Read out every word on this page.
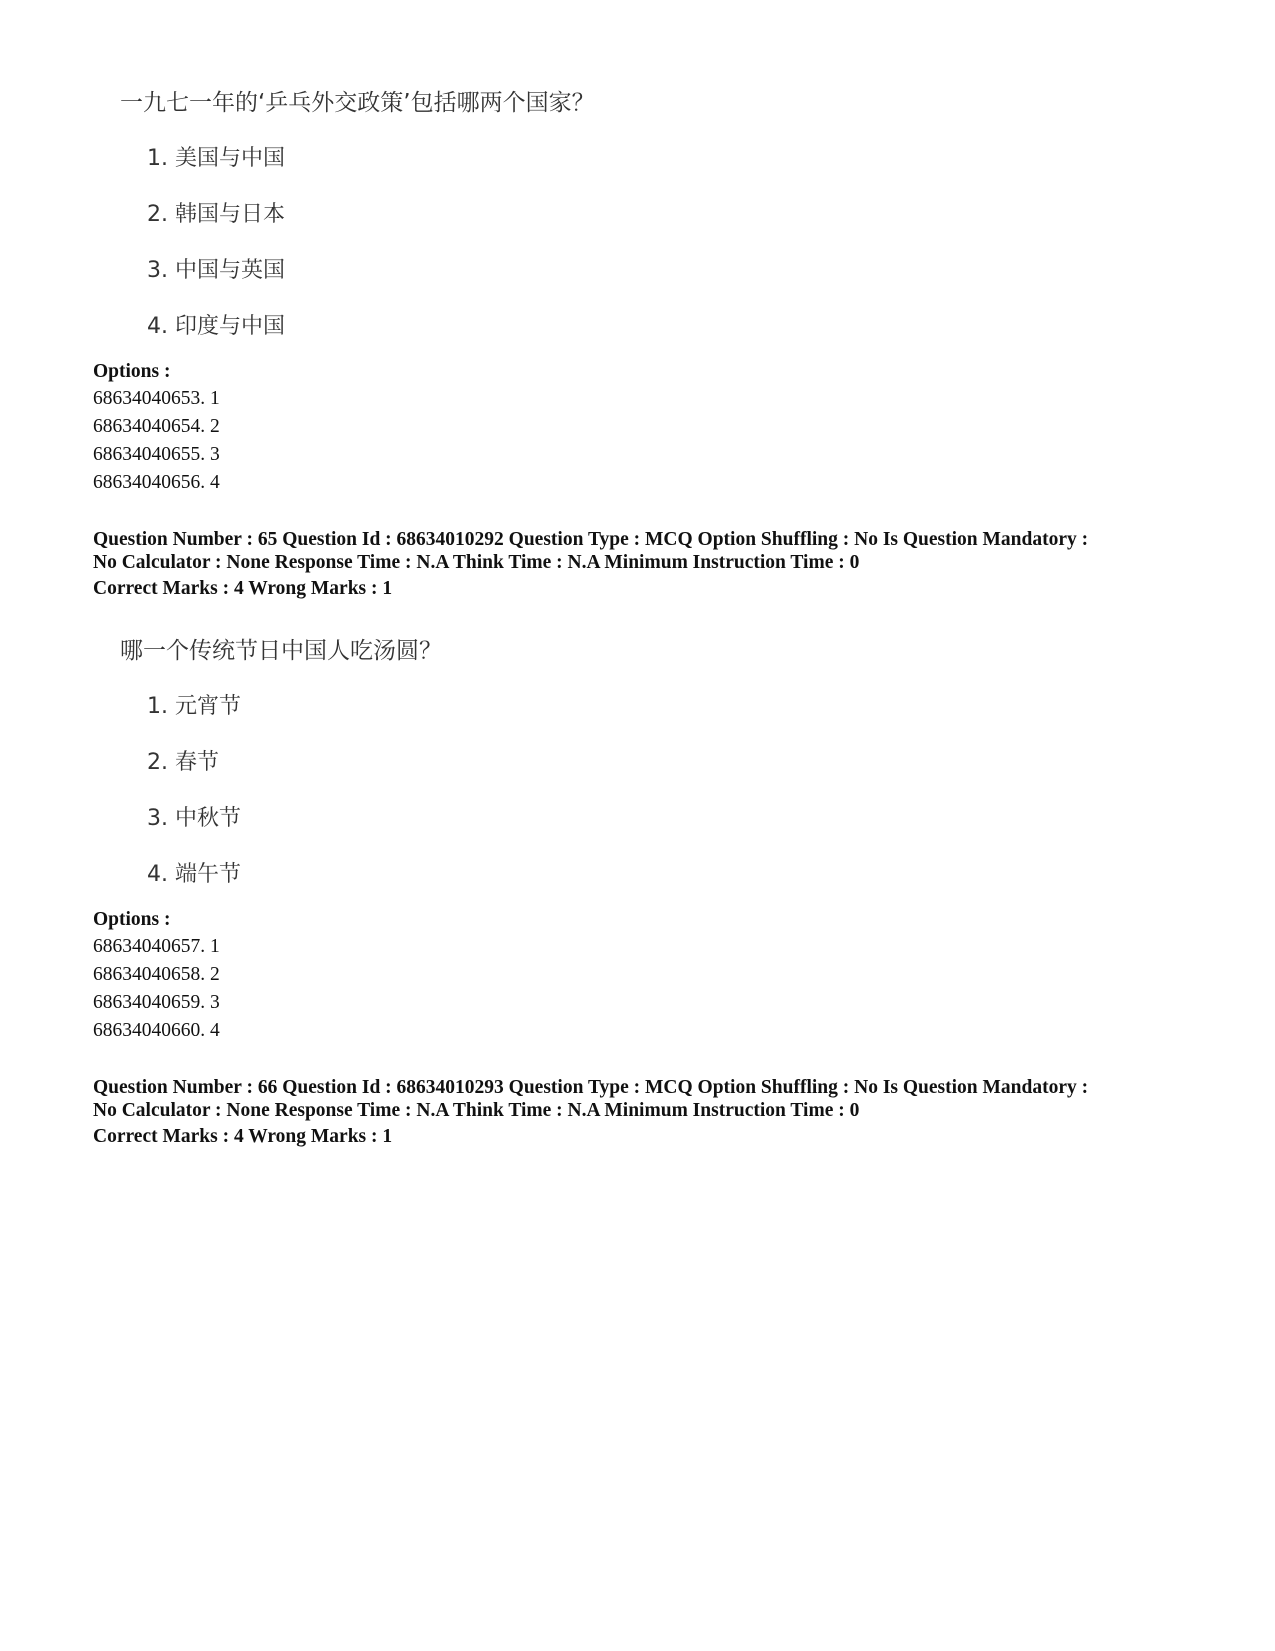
一九七一年的‘乒乓外交政策’包括哪两个国家？
1. 美国与中国
2. 韩国与日本
3. 中国与英国
4. 印度与中国
Options :
68634040653. 1
68634040654. 2
68634040655. 3
68634040656. 4
Question Number : 65 Question Id : 68634010292 Question Type : MCQ Option Shuffling : No Is Question Mandatory :
No Calculator : None Response Time : N.A Think Time : N.A Minimum Instruction Time : 0
Correct Marks : 4 Wrong Marks : 1
哪一个传统节日中国人吃汤圆？
1. 元宵节
2. 春节
3. 中秋节
4. 端午节
Options :
68634040657. 1
68634040658. 2
68634040659. 3
68634040660. 4
Question Number : 66 Question Id : 68634010293 Question Type : MCQ Option Shuffling : No Is Question Mandatory :
No Calculator : None Response Time : N.A Think Time : N.A Minimum Instruction Time : 0
Correct Marks : 4 Wrong Marks : 1
